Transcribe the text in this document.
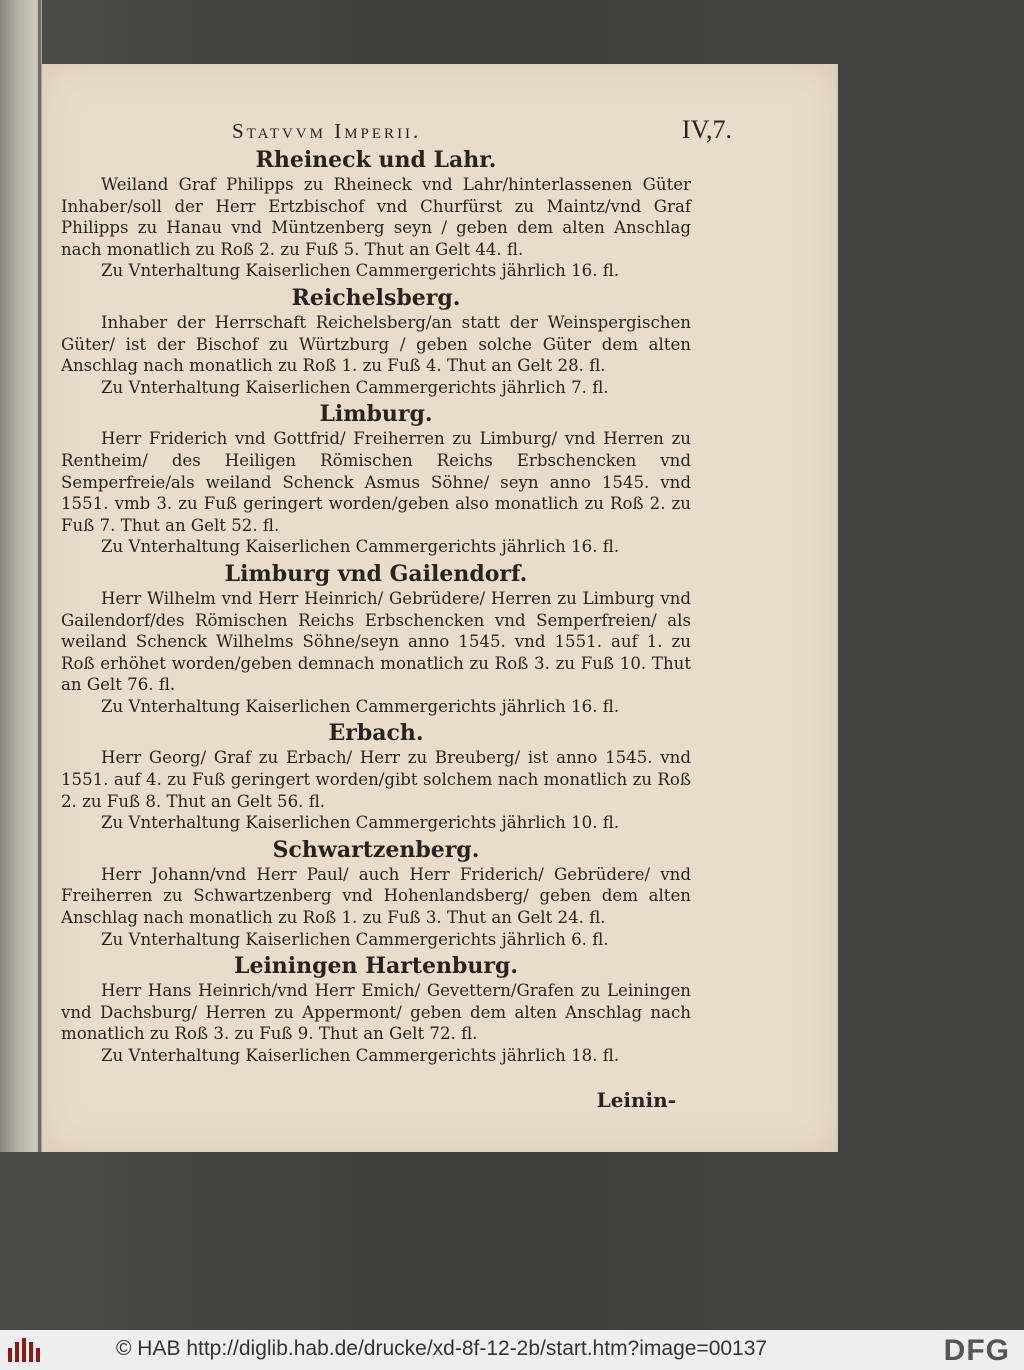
Statvvm Imperii.	IV,7.
Rheineck und Lahr.

Weiland Graf Philipps zu Rheineck vnd Lahr/hinterlassenen Güter Inhaber/soll der Herr Ertzbischof vnd Churfürst zu Maintz/vnd Graf Philipps zu Hanau vnd Müntzenberg seyn / geben dem alten Anschlag nach monatlich zu Roß 2. zu Fuß 5. Thut an Gelt 44. fl.

Zu Vnterhaltung Kaiserlichen Cammergerichts jährlich 16. fl.

Reichelsberg.

Inhaber der Herrschaft Reichelsberg/an statt der Weinspergischen Güter/ ist der Bischof zu Würtzburg / geben solche Güter dem alten Anschlag nach monatlich zu Roß 1. zu Fuß 4. Thut an Gelt 28. fl.

Zu Vnterhaltung Kaiserlichen Cammergerichts jährlich 7. fl.

Limburg.

Herr Friderich vnd Gottfrid/ Freiherren zu Limburg/ vnd Herren zu Rentheim/ des Heiligen Römischen Reichs Erbschencken vnd Semperfreie/als weiland Schenck Asmus Söhne/ seyn anno 1545. vnd 1551. vmb 3. zu Fuß geringert worden/geben also monatlich zu Roß 2. zu Fuß 7. Thut an Gelt 52. fl.

Zu Vnterhaltung Kaiserlichen Cammergerichts jährlich 16. fl.

Limburg vnd Gailendorf.

Herr Wilhelm vnd Herr Heinrich/ Gebrüdere/ Herren zu Limburg vnd Gailendorf/des Römischen Reichs Erbschencken vnd Semperfreien/ als weiland Schenck Wilhelms Söhne/seyn anno 1545. vnd 1551. auf 1. zu Roß erhöhet worden/geben demnach monatlich zu Roß 3. zu Fuß 10. Thut an Gelt 76. fl.

Zu Vnterhaltung Kaiserlichen Cammergerichts jährlich 16. fl.

Erbach.

Herr Georg/ Graf zu Erbach/ Herr zu Breuberg/ ist anno 1545. vnd 1551. auf 4. zu Fuß geringert worden/gibt solchem nach monatlich zu Roß 2. zu Fuß 8. Thut an Gelt 56. fl.

Zu Vnterhaltung Kaiserlichen Cammergerichts jährlich 10. fl.

Schwartzenberg.

Herr Johann/vnd Herr Paul/ auch Herr Friderich/ Gebrüdere/ vnd Freiherren zu Schwartzenberg vnd Hohenlandsberg/ geben dem alten Anschlag nach monatlich zu Roß 1. zu Fuß 3. Thut an Gelt 24. fl.

Zu Vnterhaltung Kaiserlichen Cammergerichts jährlich 6. fl.

Leiningen Hartenburg.

Herr Hans Heinrich/vnd Herr Emich/ Gevettern/Grafen zu Leiningen vnd Dachsburg/ Herren zu Appermont/ geben dem alten Anschlag nach monatlich zu Roß 3. zu Fuß 9. Thut an Gelt 72. fl.

Zu Vnterhaltung Kaiserlichen Cammergerichts jährlich 18. fl.

Leinin-
© HAB http://diglib.hab.de/drucke/xd-8f-12-2b/start.htm?image=00137	DFG
